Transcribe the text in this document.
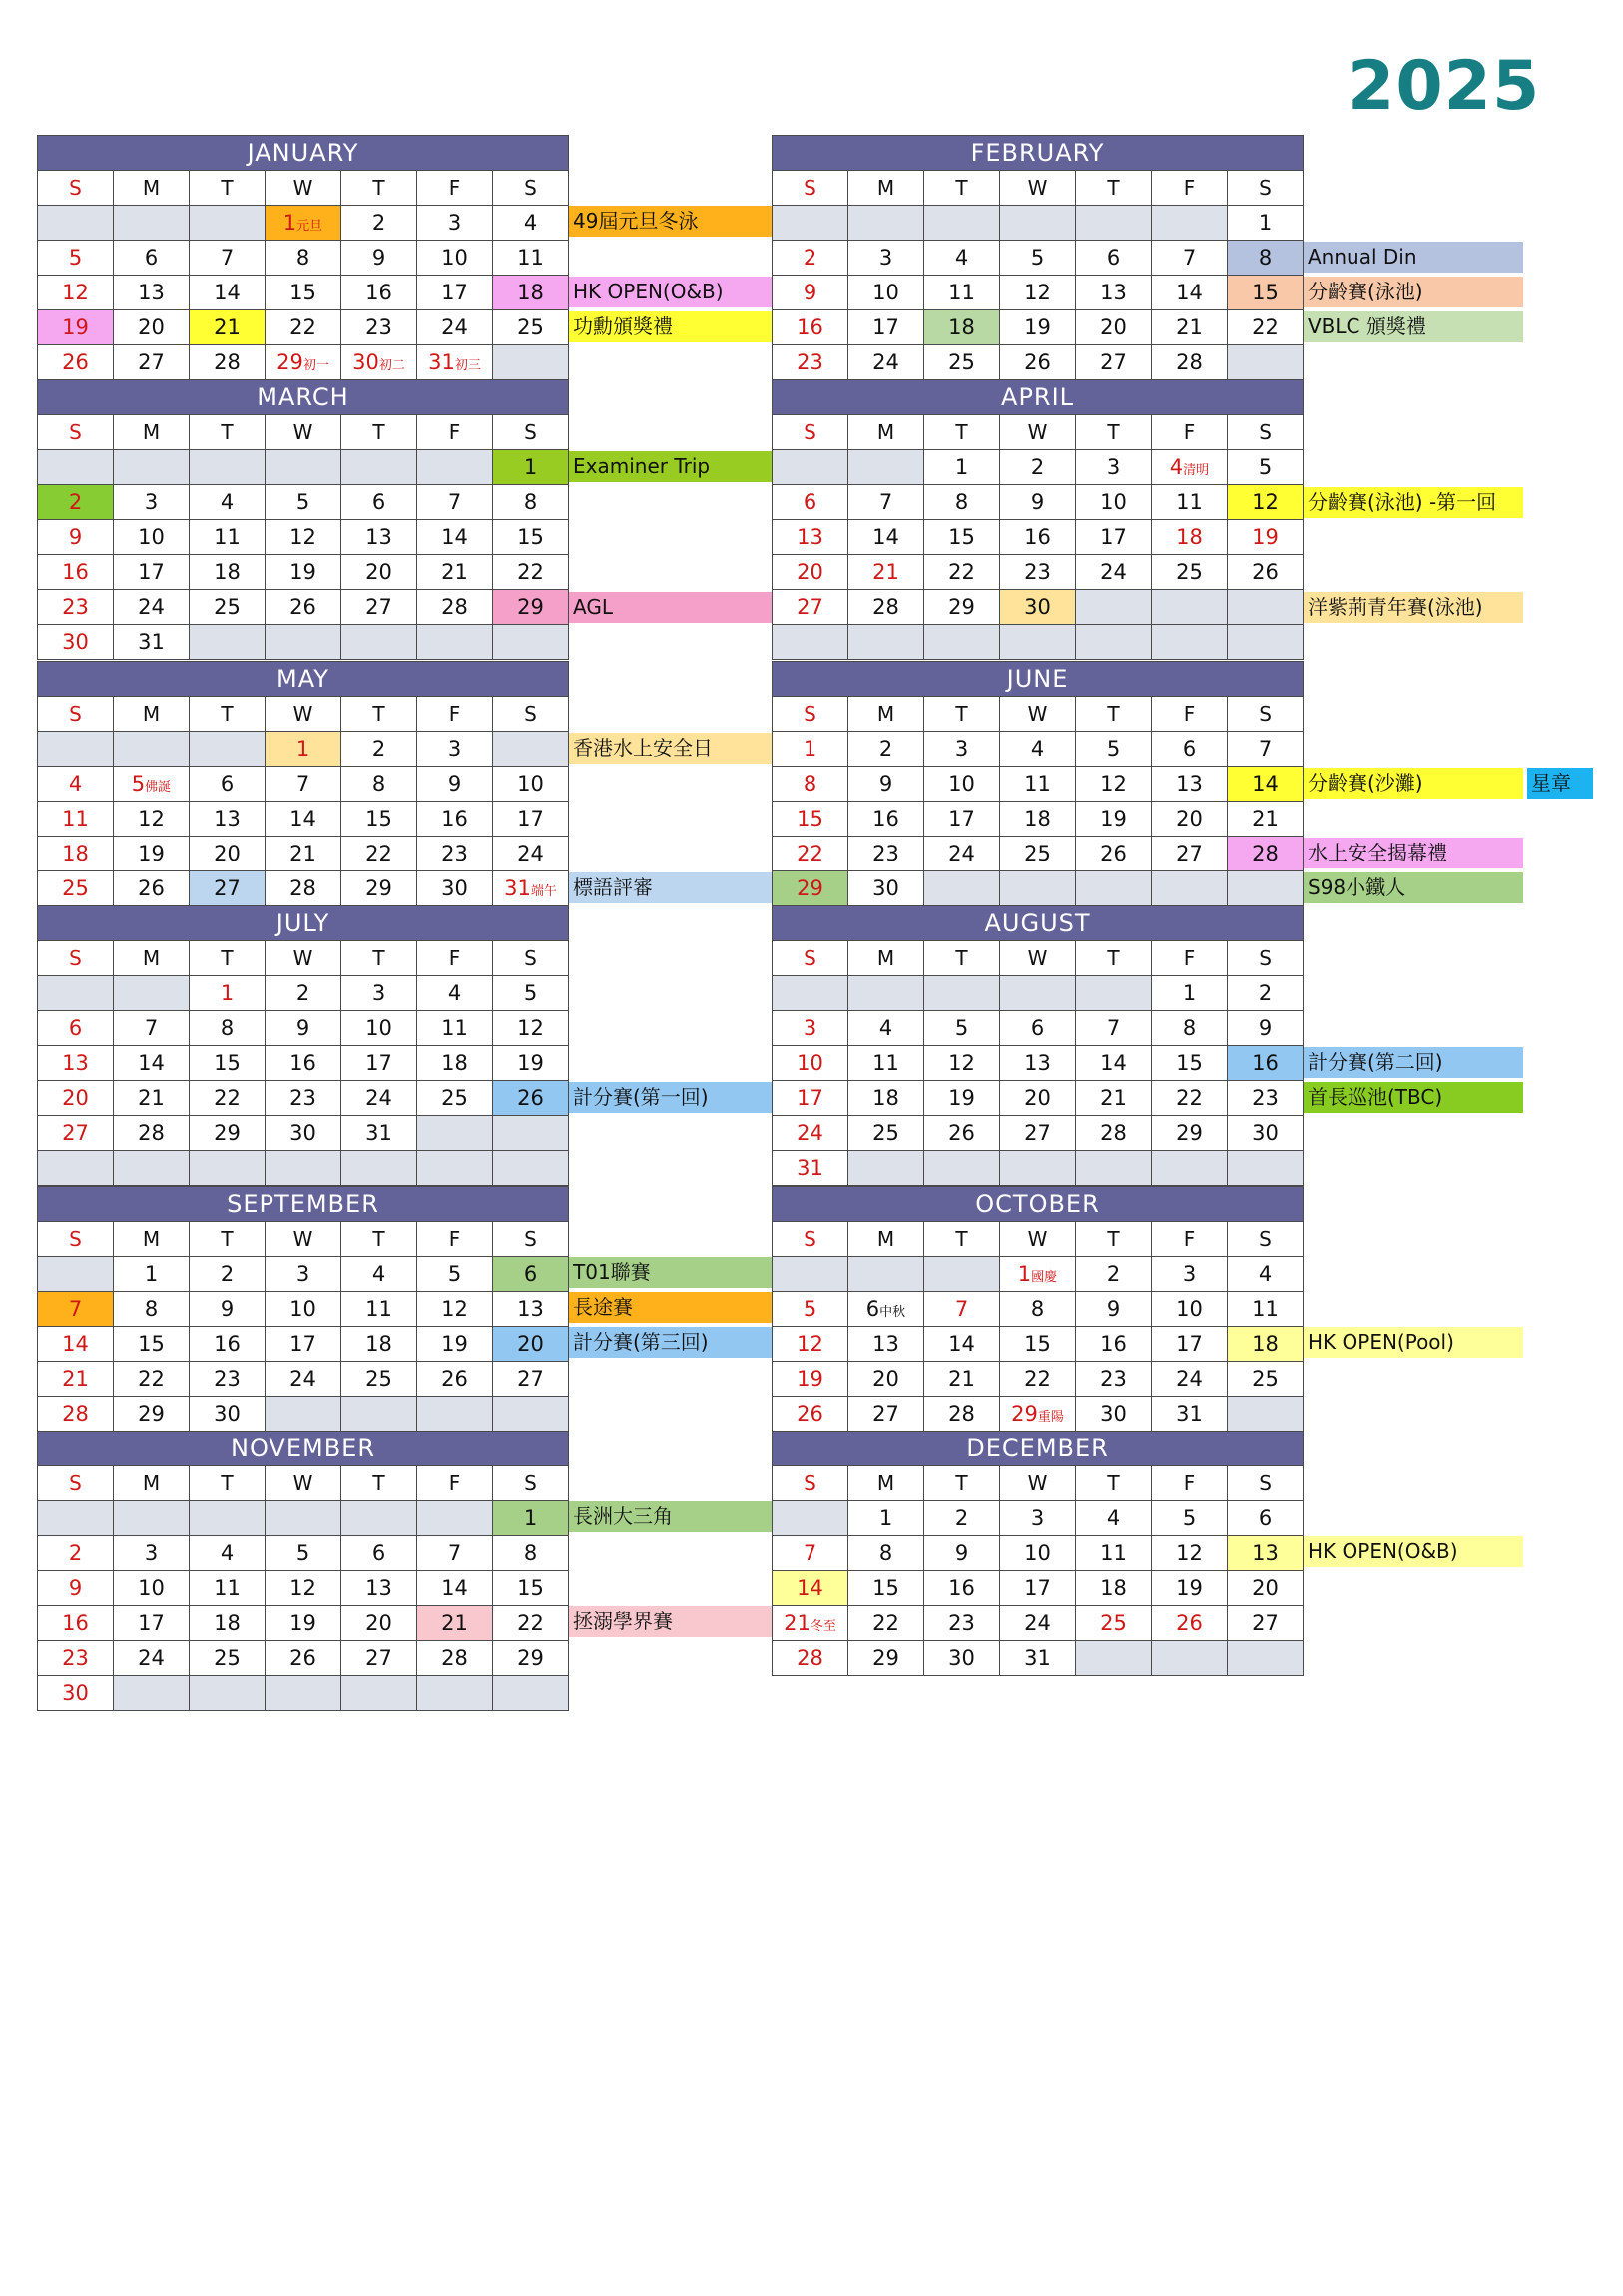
2025
JANUARY						
S	M	T	W	T	F	S
			1元旦	2	3	4
5	6	7	8	9	10	11
12	13	14	15	16	17	18
19	20	21	22	23	24	25
26	27	28	29初一	30初二	31初三	
FEBRUARY						
S	M	T	W	T	F	S
						1
2	3	4	5	6	7	8
9	10	11	12	13	14	15
16	17	18	19	20	21	22
23	24	25	26	27	28	
MARCH						
S	M	T	W	T	F	S
						1
2	3	4	5	6	7	8
9	10	11	12	13	14	15
16	17	18	19	20	21	22
23	24	25	26	27	28	29
30	31					
APRIL						
S	M	T	W	T	F	S
		1	2	3	4清明	5
6	7	8	9	10	11	12
13	14	15	16	17	18	19
20	21	22	23	24	25	26
27	28	29	30			

MAY						
S	M	T	W	T	F	S
			1	2	3	
4	5佛誕	6	7	8	9	10
11	12	13	14	15	16	17
18	19	20	21	22	23	24
25	26	27	28	29	30	31端午
JUNE						
S	M	T	W	T	F	S
1	2	3	4	5	6	7
8	9	10	11	12	13	14
15	16	17	18	19	20	21
22	23	24	25	26	27	28
29	30					
JULY						
S	M	T	W	T	F	S
		1	2	3	4	5
6	7	8	9	10	11	12
13	14	15	16	17	18	19
20	21	22	23	24	25	26
27	28	29	30	31		

AUGUST						
S	M	T	W	T	F	S
					1	2
3	4	5	6	7	8	9
10	11	12	13	14	15	16
17	18	19	20	21	22	23
24	25	26	27	28	29	30
31						
SEPTEMBER						
S	M	T	W	T	F	S
	1	2	3	4	5	6
7	8	9	10	11	12	13
14	15	16	17	18	19	20
21	22	23	24	25	26	27
28	29	30				
OCTOBER						
S	M	T	W	T	F	S
			1國慶	2	3	4
5	6中秋	7	8	9	10	11
12	13	14	15	16	17	18
19	20	21	22	23	24	25
26	27	28	29重陽	30	31	
NOVEMBER						
S	M	T	W	T	F	S
						1
2	3	4	5	6	7	8
9	10	11	12	13	14	15
16	17	18	19	20	21	22
23	24	25	26	27	28	29
30						
DECEMBER						
S	M	T	W	T	F	S
	1	2	3	4	5	6
7	8	9	10	11	12	13
14	15	16	17	18	19	20
21冬至	22	23	24	25	26	27
28	29	30	31			
49屆元旦冬泳
HK OPEN(O&B)
功勳頒獎禮
Annual Din
分齡賽(泳池)
VBLC 頒獎禮
Examiner Trip
AGL
分齡賽(泳池) -第一回
洋紫荊青年賽(泳池)
香港水上安全日
標語評審
分齡賽(沙灘)	星章
水上安全揭幕禮
S98小鐵人
計分賽(第一回)
計分賽(第二回)
首長巡池(TBC)
T01聯賽
長途賽
計分賽(第三回)	HK OPEN(Pool)
長洲大三角
拯溺學界賽
HK OPEN(O&B)
